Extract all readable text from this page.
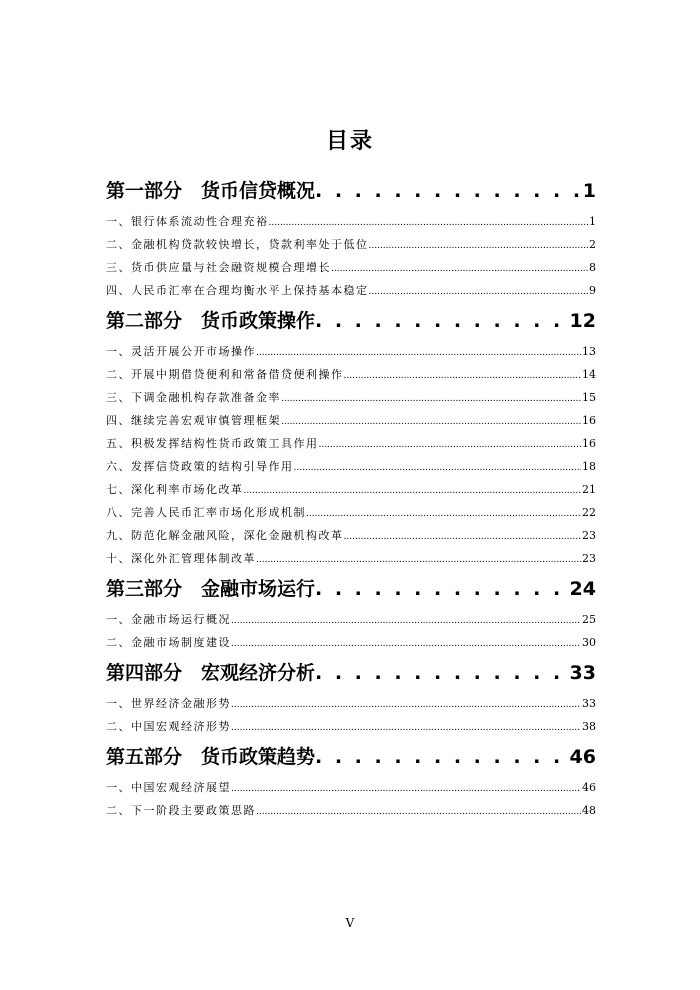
目录
第一部分　货币信贷概况 . . .	1
一、银行体系流动性合理充裕 .....	1
二、金融机构贷款较快增长，贷款利率处于低位 .....	2
三、货币供应量与社会融资规模合理增长 .....	8
四、人民币汇率在合理均衡水平上保持基本稳定 .....	9
第二部分　货币政策操作 . . .	12
一、灵活开展公开市场操作 .....	13
二、开展中期借贷便利和常备借贷便利操作 .....	14
三、下调金融机构存款准备金率 .....	15
四、继续完善宏观审慎管理框架 .....	16
五、积极发挥结构性货币政策工具作用 .....	16
六、发挥信贷政策的结构引导作用 .....	18
七、深化利率市场化改革 .....	21
八、完善人民币汇率市场化形成机制 .....	22
九、防范化解金融风险，深化金融机构改革 .....	23
十、深化外汇管理体制改革 .....	23
第三部分　金融市场运行 . . .	24
一、金融市场运行概况 .....	25
二、金融市场制度建设 .....	30
第四部分　宏观经济分析 . . .	33
一、世界经济金融形势 .....	33
二、中国宏观经济形势 .....	38
第五部分　货币政策趋势 . . .	46
一、中国宏观经济展望 .....	46
二、下一阶段主要政策思路 .....	48
V
